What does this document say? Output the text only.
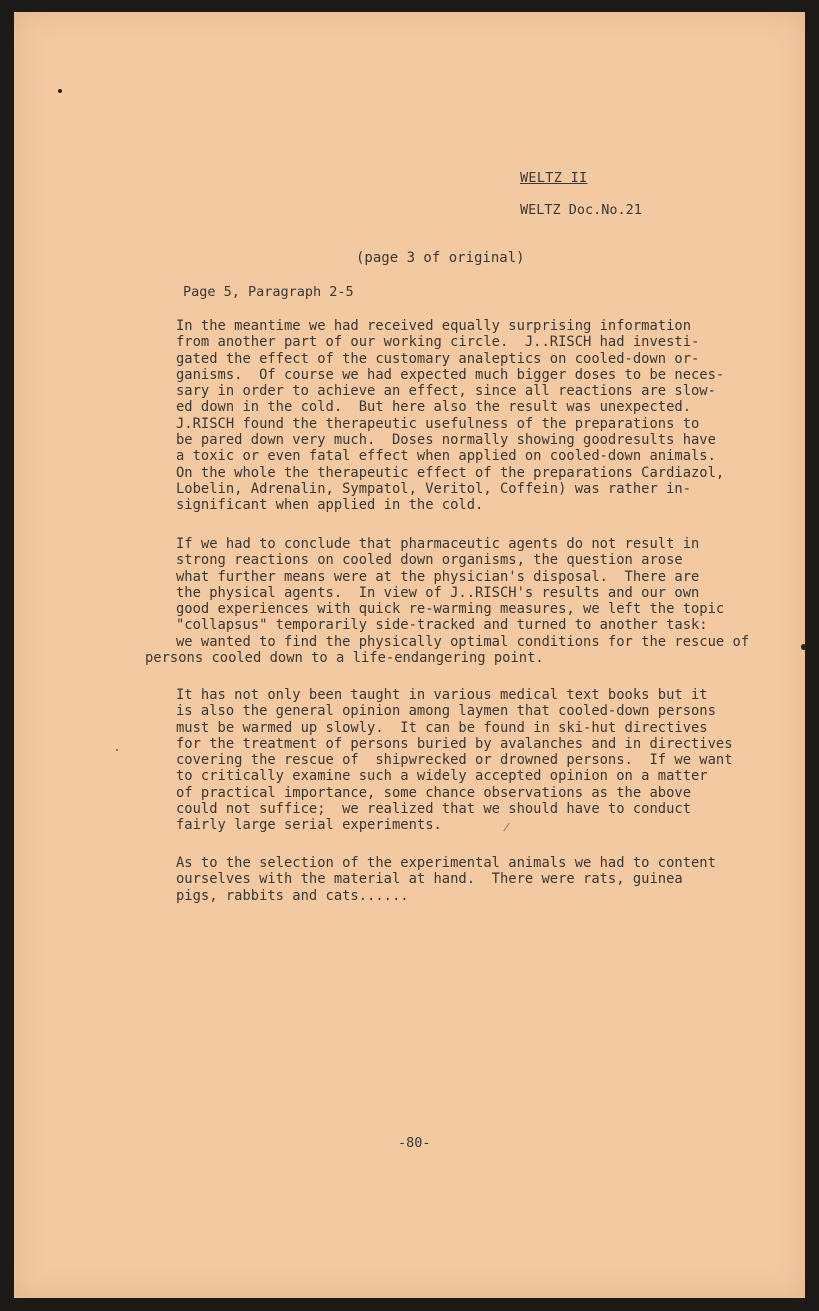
WELTZ II
WELTZ Doc.No.21
(page 3 of original)
Page 5, Paragraph 2-5
In the meantime we had received equally surprising information
from another part of our working circle.  J..RISCH had investi-
gated the effect of the customary analeptics on cooled-down or-
ganisms.  Of course we had expected much bigger doses to be neces-
sary in order to achieve an effect, since all reactions are slow-
ed down in the cold.  But here also the result was unexpected.
J.RISCH found the therapeutic usefulness of the preparations to
be pared down very much.  Doses normally showing goodresults have
a toxic or even fatal effect when applied on cooled-down animals.
On the whole the therapeutic effect of the preparations Cardiazol,
Lobelin, Adrenalin, Sympatol, Veritol, Coffein) was rather in-
significant when applied in the cold.
If we had to conclude that pharmaceutic agents do not result in
strong reactions on cooled down organisms, the question arose
what further means were at the physician's disposal.  There are
the physical agents.  In view of J..RISCH's results and our own
good experiences with quick re-warming measures, we left the topic
"collapsus" temporarily side-tracked and turned to another task:
we wanted to find the physically optimal conditions for the rescue of
persons cooled down to a life-endangering point.
It has not only been taught in various medical text books but it
is also the general opinion among laymen that cooled-down persons
must be warmed up slowly.  It can be found in ski-hut directives
for the treatment of persons buried by avalanches and in directives
covering the rescue of  shipwrecked or drowned persons.  If we want
to critically examine such a widely accepted opinion on a matter
of practical importance, some chance observations as the above
could not suffice;  we realized that we should have to conduct
fairly large serial experiments.
As to the selection of the experimental animals we had to content
ourselves with the material at hand.  There were rats, guinea
pigs, rabbits and cats......
-80-
